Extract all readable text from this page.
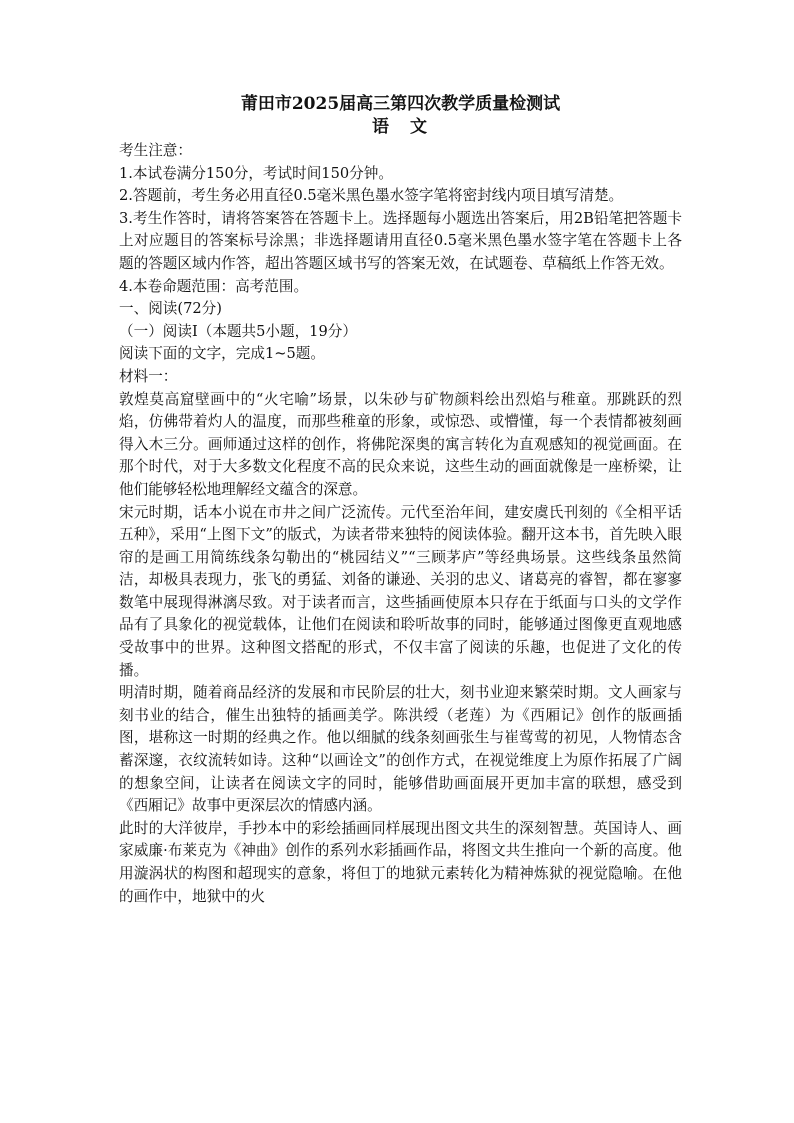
莆田市2025届高三第四次教学质量检测试
语　文

考生注意：

1.本试卷满分150分，考试时间150分钟。

2.答题前，考生务必用直径0.5毫米黑色墨水签字笔将密封线内项目填写清楚。

3.考生作答时，请将答案答在答题卡上。选择题每小题选出答案后，用2B铅笔把答题卡上对应题目的答案标号涂黑；非选择题请用直径0.5毫米黑色墨水签字笔在答题卡上各题的答题区域内作答，超出答题区域书写的答案无效，在试题卷、草稿纸上作答无效。

4.本卷命题范围：高考范围。

一、阅读(72分)

（一）阅读Ⅰ（本题共5小题，19分）

阅读下面的文字，完成1~5题。

材料一：

敦煌莫高窟壁画中的“火宅喻”场景，以朱砂与矿物颜料绘出烈焰与稚童。那跳跃的烈焰，仿佛带着灼人的温度，而那些稚童的形象，或惊恐、或懵懂，每一个表情都被刻画得入木三分。画师通过这样的创作，将佛陀深奥的寓言转化为直观感知的视觉画面。在那个时代，对于大多数文化程度不高的民众来说，这些生动的画面就像是一座桥梁，让他们能够轻松地理解经文蕴含的深意。

宋元时期，话本小说在市井之间广泛流传。元代至治年间，建安虞氏刊刻的《全相平话五种》，采用“上图下文”的版式，为读者带来独特的阅读体验。翻开这本书，首先映入眼帘的是画工用简练线条勾勒出的“桃园结义”“三顾茅庐”等经典场景。这些线条虽然简洁，却极具表现力，张飞的勇猛、刘备的谦逊、关羽的忠义、诸葛亮的睿智，都在寥寥数笔中展现得淋漓尽致。对于读者而言，这些插画使原本只存在于纸面与口头的文学作品有了具象化的视觉载体，让他们在阅读和聆听故事的同时，能够通过图像更直观地感受故事中的世界。这种图文搭配的形式，不仅丰富了阅读的乐趣，也促进了文化的传播。

明清时期，随着商品经济的发展和市民阶层的壮大，刻书业迎来繁荣时期。文人画家与刻书业的结合，催生出独特的插画美学。陈洪绶（老莲）为《西厢记》创作的版画插图，堪称这一时期的经典之作。他以细腻的线条刻画张生与崔莺莺的初见，人物情态含蓄深邃，衣纹流转如诗。这种“以画诠文”的创作方式，在视觉维度上为原作拓展了广阔的想象空间，让读者在阅读文字的同时，能够借助画面展开更加丰富的联想，感受到《西厢记》故事中更深层次的情感内涵。

此时的大洋彼岸，手抄本中的彩绘插画同样展现出图文共生的深刻智慧。英国诗人、画家威廉·布莱克为《神曲》创作的系列水彩插画作品，将图文共生推向一个新的高度。他用漩涡状的构图和超现实的意象，将但丁的地狱元素转化为精神炼狱的视觉隐喻。在他的画作中，地狱中的火
